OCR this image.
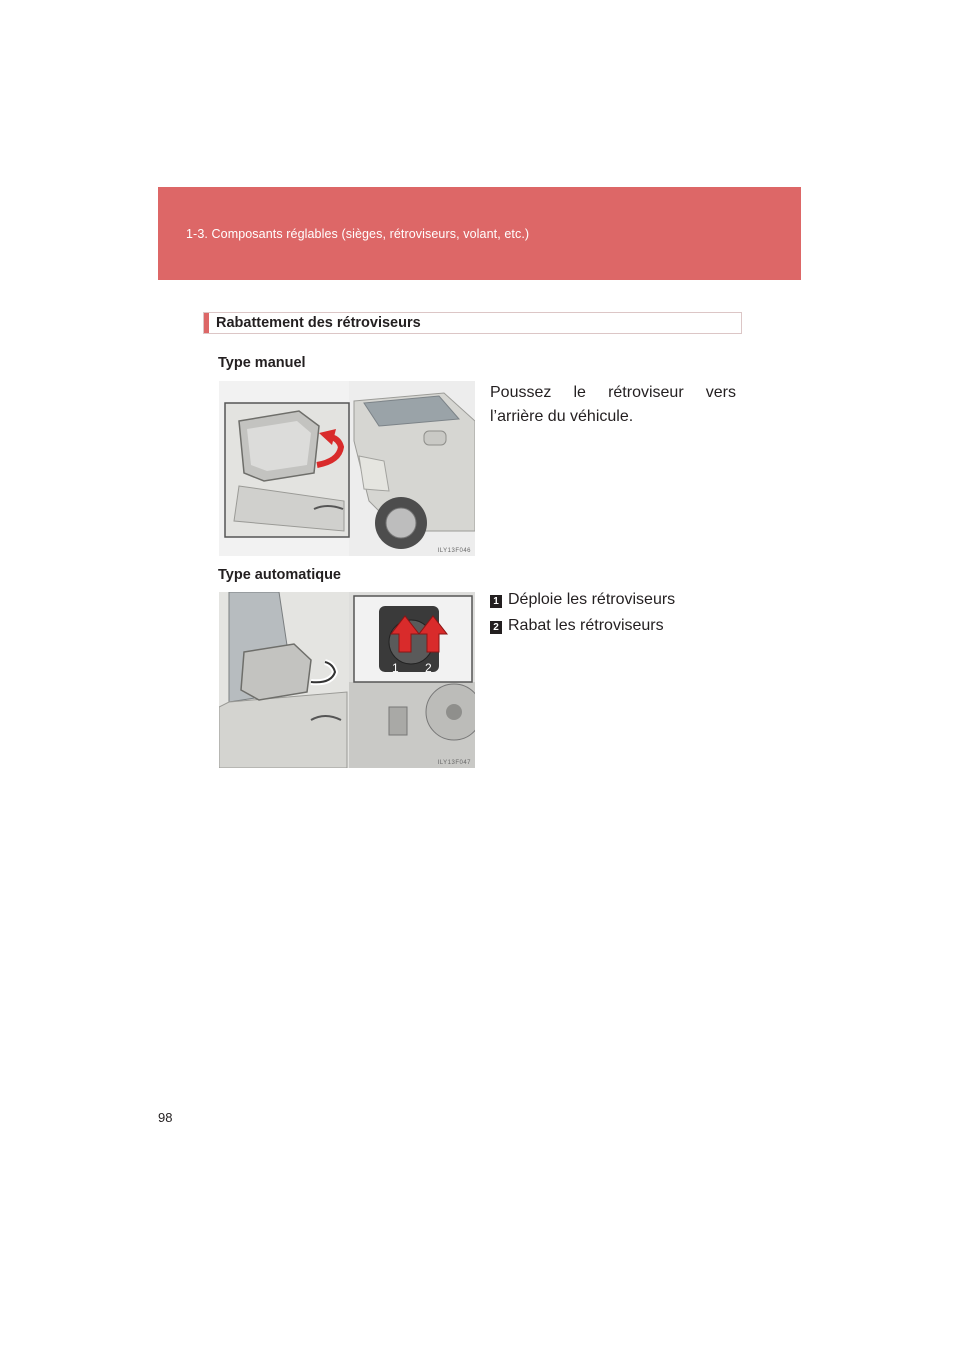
1-3. Composants réglables (sièges, rétroviseurs, volant, etc.)
Rabattement des rétroviseurs
Type manuel
ILY13F046
Poussez le rétroviseur vers
l’arrière du véhicule.
Type automatique
1 2
ILY13F047
1 Déploie les rétroviseurs
2 Rabat les rétroviseurs
98
